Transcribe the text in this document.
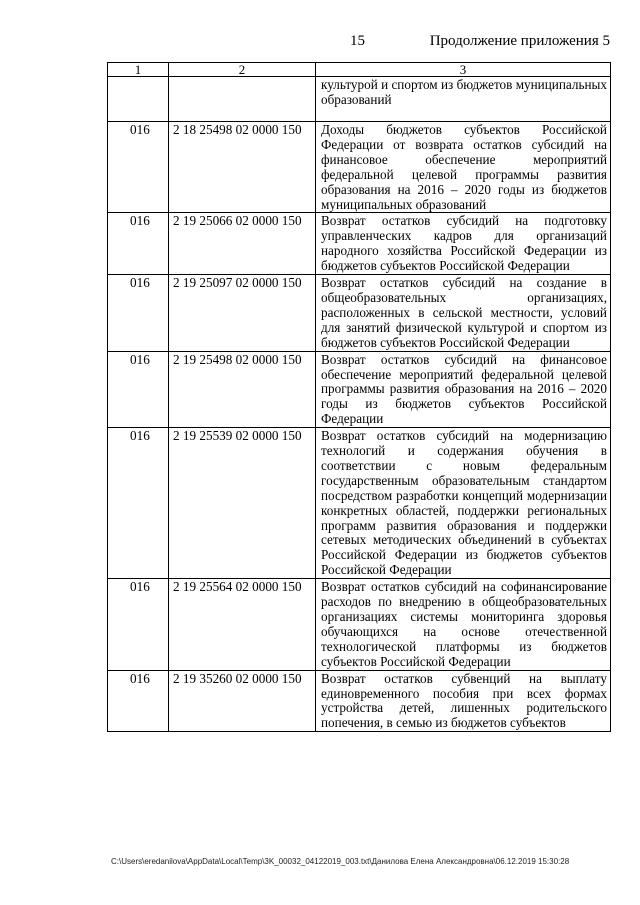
15	Продолжение приложения 5
1	2	3
		культурой и спортом из бюджетов муниципальных образований
016	2 18 25498 02 0000 150	Доходы бюджетов субъектов Российской Федерации от возврата остатков субсидий на финансовое обеспечение мероприятий федеральной целевой программы развития образования на 2016 – 2020 годы из бюджетов муниципальных образований
016	2 19 25066 02 0000 150	Возврат остатков субсидий на подготовку управленческих кадров для организаций народного хозяйства Российской Федерации из бюджетов субъектов Российской Федерации
016	2 19 25097 02 0000 150	Возврат остатков субсидий на создание в общеобразовательных организациях, расположенных в сельской местности, условий для занятий физической культурой и спортом из бюджетов субъектов Российской Федерации
016	2 19 25498 02 0000 150	Возврат остатков субсидий на финансовое обеспечение мероприятий федеральной целевой программы развития образования на 2016 – 2020 годы из бюджетов субъектов Российской Федерации
016	2 19 25539 02 0000 150	Возврат остатков субсидий на модернизацию технологий и содержания обучения в соответствии с новым федеральным государственным образовательным стандартом посредством разработки концепций модернизации конкретных областей, поддержки региональных программ развития образования и поддержки сетевых методических объединений в субъектах Российской Федерации из бюджетов субъектов Российской Федерации
016	2 19 25564 02 0000 150	Возврат остатков субсидий на софинансирование расходов по внедрению в общеобразовательных организациях системы мониторинга здоровья обучающихся на основе отечественной технологической платформы из бюджетов субъектов Российской Федерации
016	2 19 35260 02 0000 150	Возврат остатков субвенций на выплату единовременного пособия при всех формах устройства детей, лишенных родительского попечения, в семью из бюджетов субъектов
C:\Users\eredanilova\AppData\Local\Temp\3K_00032_04122019_003.txt\Данилова Елена Александровна\06.12.2019 15:30:28
